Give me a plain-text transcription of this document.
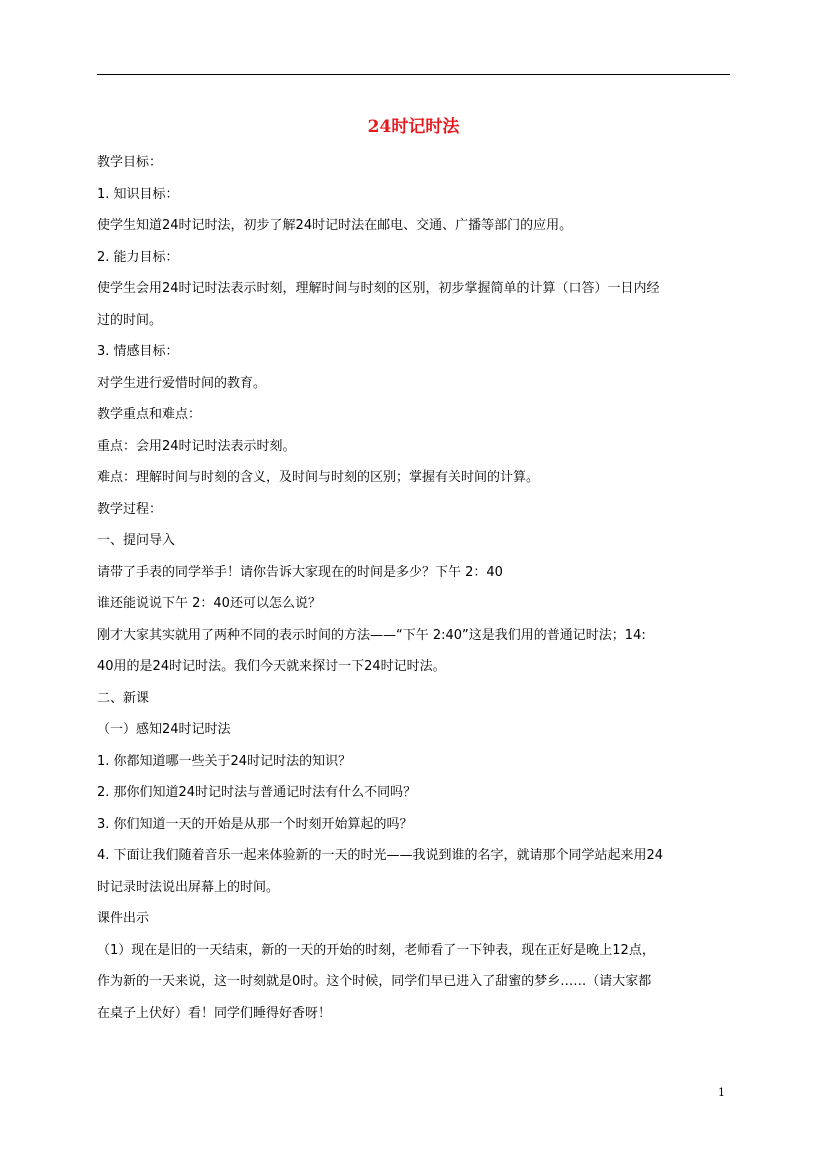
24时记时法
教学目标：
1. 知识目标：
使学生知道24时记时法，初步了解24时记时法在邮电、交通、广播等部门的应用。
2. 能力目标：
使学生会用24时记时法表示时刻，理解时间与时刻的区别，初步掌握简单的计算（口答）一日内经
过的时间。
3. 情感目标：
对学生进行爱惜时间的教育。
教学重点和难点：
重点：会用24时记时法表示时刻。
难点：理解时间与时刻的含义，及时间与时刻的区别；掌握有关时间的计算。
教学过程：
一、提问导入
请带了手表的同学举手！请你告诉大家现在的时间是多少？下午 2：40
谁还能说说下午 2：40还可以怎么说？
刚才大家其实就用了两种不同的表示时间的方法——“下午 2:40”这是我们用的普通记时法；14:
40用的是24时记时法。我们今天就来探讨一下24时记时法。
二、新课
（一）感知24时记时法
1. 你都知道哪一些关于24时记时法的知识？
2. 那你们知道24时记时法与普通记时法有什么不同吗？
3. 你们知道一天的开始是从那一个时刻开始算起的吗？
4. 下面让我们随着音乐一起来体验新的一天的时光——我说到谁的名字，就请那个同学站起来用24
时记录时法说出屏幕上的时间。
课件出示
（1）现在是旧的一天结束，新的一天的开始的时刻，老师看了一下钟表，现在正好是晚上12点，
作为新的一天来说，这一时刻就是0时。这个时候，同学们早已进入了甜蜜的梦乡……（请大家都
在桌子上伏好）看！同学们睡得好香呀！
1
